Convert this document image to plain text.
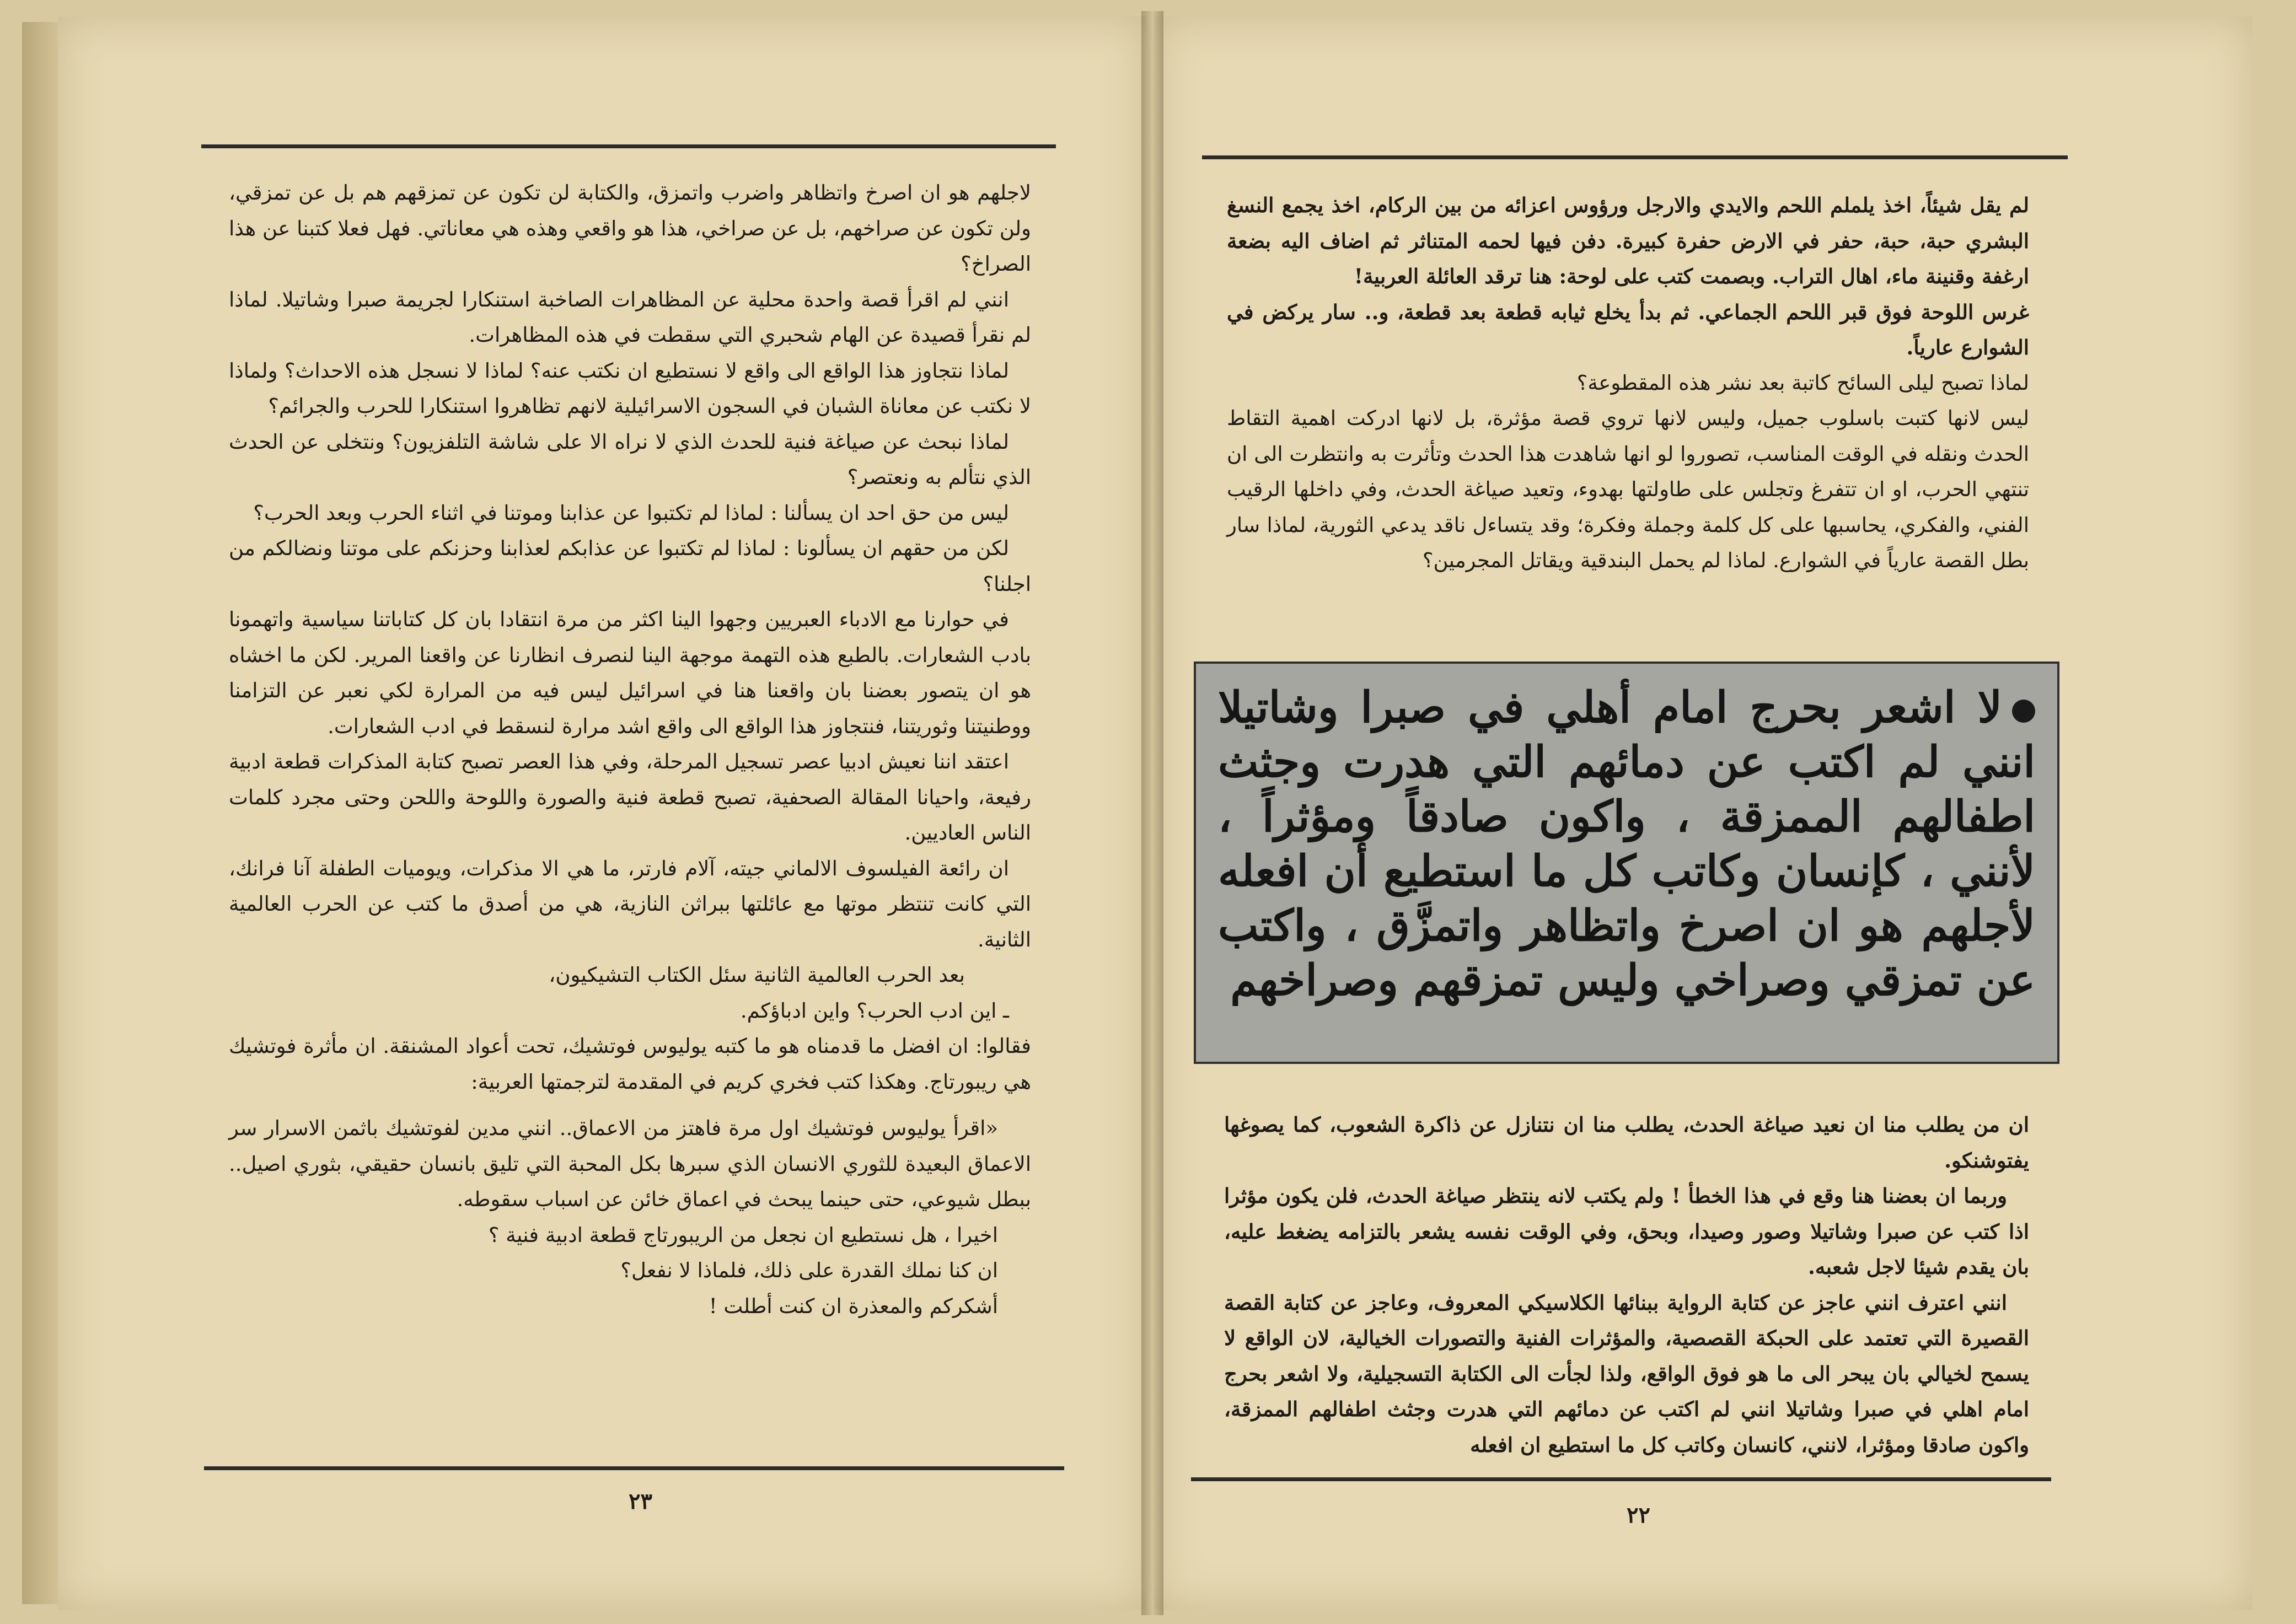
لاجلهم هو ان اصرخ واتظاهر واضرب واتمزق، والكتابة لن تكون عن تمزقهم هم بل عن تمزقي، ولن تكون عن صراخهم، بل عن صراخي، هذا هو واقعي وهذه هي معاناتي. فهل فعلا كتبنا عن هذا الصراخ؟

انني لم اقرأ قصة واحدة محلية عن المظاهرات الصاخبة استنكارا لجريمة صبرا وشاتيلا. لماذا لم نقرأ قصيدة عن الهام شحبري التي سقطت في هذه المظاهرات.

لماذا نتجاوز هذا الواقع الى واقع لا نستطيع ان نكتب عنه؟ لماذا لا نسجل هذه الاحداث؟ ولماذا لا نكتب عن معاناة الشبان في السجون الاسرائيلية لانهم تظاهروا استنكارا للحرب والجرائم؟

لماذا نبحث عن صياغة فنية للحدث الذي لا نراه الا على شاشة التلفزيون؟ ونتخلى عن الحدث الذي نتألم به ونعتصر؟

ليس من حق احد ان يسألنا : لماذا لم تكتبوا عن عذابنا وموتنا في اثناء الحرب وبعد الحرب؟

لكن من حقهم ان يسألونا : لماذا لم تكتبوا عن عذابكم لعذابنا وحزنكم على موتنا ونضالكم من اجلنا؟

في حوارنا مع الادباء العبريين وجهوا الينا اكثر من مرة انتقادا بان كل كتاباتنا سياسية واتهمونا بادب الشعارات. بالطبع هذه التهمة موجهة الينا لنصرف انظارنا عن واقعنا المرير. لكن ما اخشاه هو ان يتصور بعضنا بان واقعنا هنا في اسرائيل ليس فيه من المرارة لكي نعبر عن التزامنا ووطنيتنا وثوريتنا، فنتجاوز هذا الواقع الى واقع اشد مرارة لنسقط في ادب الشعارات.

اعتقد اننا نعيش ادبيا عصر تسجيل المرحلة، وفي هذا العصر تصبح كتابة المذكرات قطعة ادبية رفيعة، واحيانا المقالة الصحفية، تصبح قطعة فنية والصورة واللوحة واللحن وحتى مجرد كلمات الناس العاديين.

ان رائعة الفيلسوف الالماني جيته، آلام فارتر، ما هي الا مذكرات، ويوميات الطفلة آنا فرانك، التي كانت تنتظر موتها مع عائلتها ببراثن النازية، هي من أصدق ما كتب عن الحرب العالمية الثانية.

بعد الحرب العالمية الثانية سئل الكتاب التشيكيون،

ـ اين ادب الحرب؟ واين ادباؤكم.

فقالوا: ان افضل ما قدمناه هو ما كتبه يوليوس فوتشيك، تحت أعواد المشنقة. ان مأثرة فوتشيك هي ريبورتاج. وهكذا كتب فخري كريم في المقدمة لترجمتها العربية:

«اقرأ يوليوس فوتشيك اول مرة فاهتز من الاعماق.. انني مدين لفوتشيك باثمن الاسرار سر الاعماق البعيدة للثوري الانسان الذي سبرها بكل المحبة التي تليق بانسان حقيقي، بثوري اصيل.. ببطل شيوعي، حتى حينما يبحث في اعماق خائن عن اسباب سقوطه.

اخيرا ، هل نستطيع ان نجعل من الريبورتاج قطعة ادبية فنية ؟

ان كنا نملك القدرة على ذلك، فلماذا لا نفعل؟

أشكركم والمعذرة ان كنت أطلت !

٢٣

لم يقل شيئاً، اخذ يلملم اللحم والايدي والارجل ورؤوس اعزائه من بين الركام، اخذ يجمع النسغ البشري حبة، حبة، حفر في الارض حفرة كبيرة. دفن فيها لحمه المتناثر ثم اضاف اليه بضعة ارغفة وقنينة ماء، اهال التراب. وبصمت كتب على لوحة: هنا ترقد العائلة العربية!

غرس اللوحة فوق قبر اللحم الجماعي. ثم بدأ يخلع ثيابه قطعة بعد قطعة، و.. سار يركض في الشوارع عارياً.

لماذا تصبح ليلى السائح كاتبة بعد نشر هذه المقطوعة؟

ليس لانها كتبت باسلوب جميل، وليس لانها تروي قصة مؤثرة، بل لانها ادركت اهمية التقاط الحدث ونقله في الوقت المناسب، تصوروا لو انها شاهدت هذا الحدث وتأثرت به وانتظرت الى ان تنتهي الحرب، او ان تتفرغ وتجلس على طاولتها بهدوء، وتعيد صياغة الحدث، وفي داخلها الرقيب الفني، والفكري، يحاسبها على كل كلمة وجملة وفكرة؛ وقد يتساءل ناقد يدعي الثورية، لماذا سار بطل القصة عارياً في الشوارع. لماذا لم يحمل البندقية ويقاتل المجرمين؟

لا اشعر بحرج امام أهلي في صبرا وشاتيلا انني لم اكتب عن دمائهم التي هدرت وجثث اطفالهم الممزقة ، واكون صادقاً ومؤثراً ، لأنني ، كإنسان وكاتب كل ما استطيع أن افعله لأجلهم هو ان اصرخ واتظاهر واتمزَّق ، واكتب عن تمزقي وصراخي وليس تمزقهم وصراخهم

ان من يطلب منا ان نعيد صياغة الحدث، يطلب منا ان نتنازل عن ذاكرة الشعوب، كما يصوغها يفتوشنكو.

وربما ان بعضنا هنا وقع في هذا الخطأ ! ولم يكتب لانه ينتظر صياغة الحدث، فلن يكون مؤثرا اذا كتب عن صبرا وشاتيلا وصور وصيدا، وبحق، وفي الوقت نفسه يشعر بالتزامه يضغط عليه، بان يقدم شيئا لاجل شعبه.

انني اعترف انني عاجز عن كتابة الرواية ببنائها الكلاسيكي المعروف، وعاجز عن كتابة القصة القصيرة التي تعتمد على الحبكة القصصية، والمؤثرات الفنية والتصورات الخيالية، لان الواقع لا يسمح لخيالي بان يبحر الى ما هو فوق الواقع، ولذا لجأت الى الكتابة التسجيلية، ولا اشعر بحرج امام اهلي في صبرا وشاتيلا انني لم اكتب عن دمائهم التي هدرت وجثث اطفالهم الممزقة، واكون صادقا ومؤثرا، لانني، كانسان وكاتب كل ما استطيع ان افعله

٢٢
